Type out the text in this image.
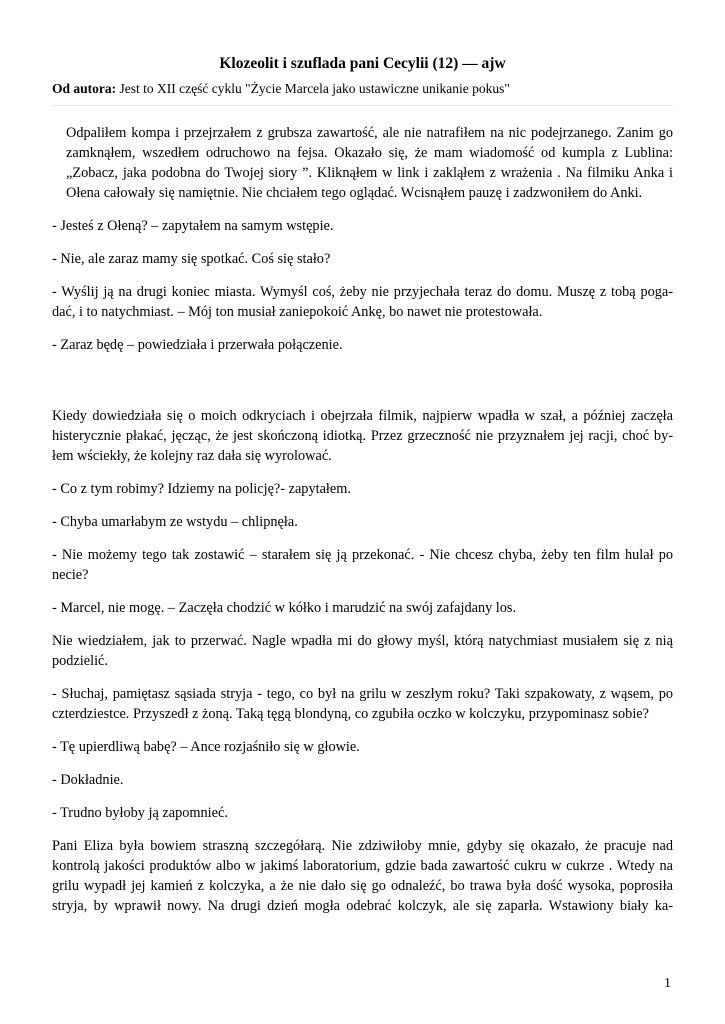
Klozeolit i szuflada pani Cecylii (12) — ajw

Od autora: Jest to XII część cyklu "Życie Marcela jako ustawiczne unikanie pokus"

Odpaliłem kompa i przejrzałem z grubsza zawartość, ale nie natrafiłem na nic podejrzanego. Zanim go
zamknąłem, wszedłem odruchowo na fejsa. Okazało się, że mam wiadomość od kumpla z Lublina:
„Zobacz, jaka podobna do Twojej siory ”. Kliknąłem w link i zakląłem z wrażenia . Na filmiku Anka i
Ołena całowały się namiętnie. Nie chciałem tego oglądać. Wcisnąłem pauzę i zadzwoniłem do Anki.

- Jesteś z Ołeną? – zapytałem na samym wstępie.

- Nie, ale zaraz mamy się spotkać. Coś się stało?

- Wyślij ją na drugi koniec miasta. Wymyśl coś, żeby nie przyjechała teraz do domu. Muszę z tobą poga-
dać, i to natychmiast. – Mój ton musiał zaniepokoić Ankę, bo nawet nie protestowała.

- Zaraz będę – powiedziała i przerwała połączenie.

Kiedy dowiedziała się o moich odkryciach i obejrzała filmik, najpierw wpadła w szał, a później zaczęła
histerycznie płakać, jęcząc, że jest skończoną idiotką. Przez grzeczność nie przyznałem jej racji, choć by-
łem wściekły, że kolejny raz dała się wyrolować.

- Co z tym robimy? Idziemy na policję?- zapytałem.

- Chyba umarłabym ze wstydu – chlipnęła.

- Nie możemy tego tak zostawić – starałem się ją przekonać. - Nie chcesz chyba, żeby ten film hulał po
necie?

- Marcel, nie mogę. – Zaczęła chodzić w kółko i marudzić na swój zafajdany los.

Nie wiedziałem, jak to przerwać. Nagle wpadła mi do głowy myśl, którą natychmiast musiałem się z nią
podzielić.

- Słuchaj, pamiętasz sąsiada stryja - tego, co był na grilu w zeszłym roku? Taki szpakowaty, z wąsem, po
czterdziestce. Przyszedł z żoną. Taką tęgą blondyną, co zgubiła oczko w kolczyku, przypominasz sobie?

- Tę upierdliwą babę? – Ance rozjaśniło się w głowie.

- Dokładnie.

- Trudno byłoby ją zapomnieć.

Pani Eliza była bowiem straszną szczegółarą. Nie zdziwiłoby mnie, gdyby się okazało, że pracuje nad
kontrolą jakości produktów albo w jakimś laboratorium, gdzie bada zawartość cukru w cukrze . Wtedy na
grilu wypadł jej kamień z kolczyka, a że nie dało się go odnaleźć, bo trawa była dość wysoka, poprosiła
stryja, by wprawił nowy. Na drugi dzień mogła odebrać kolczyk, ale się zaparła. Wstawiony biały ka-

1
